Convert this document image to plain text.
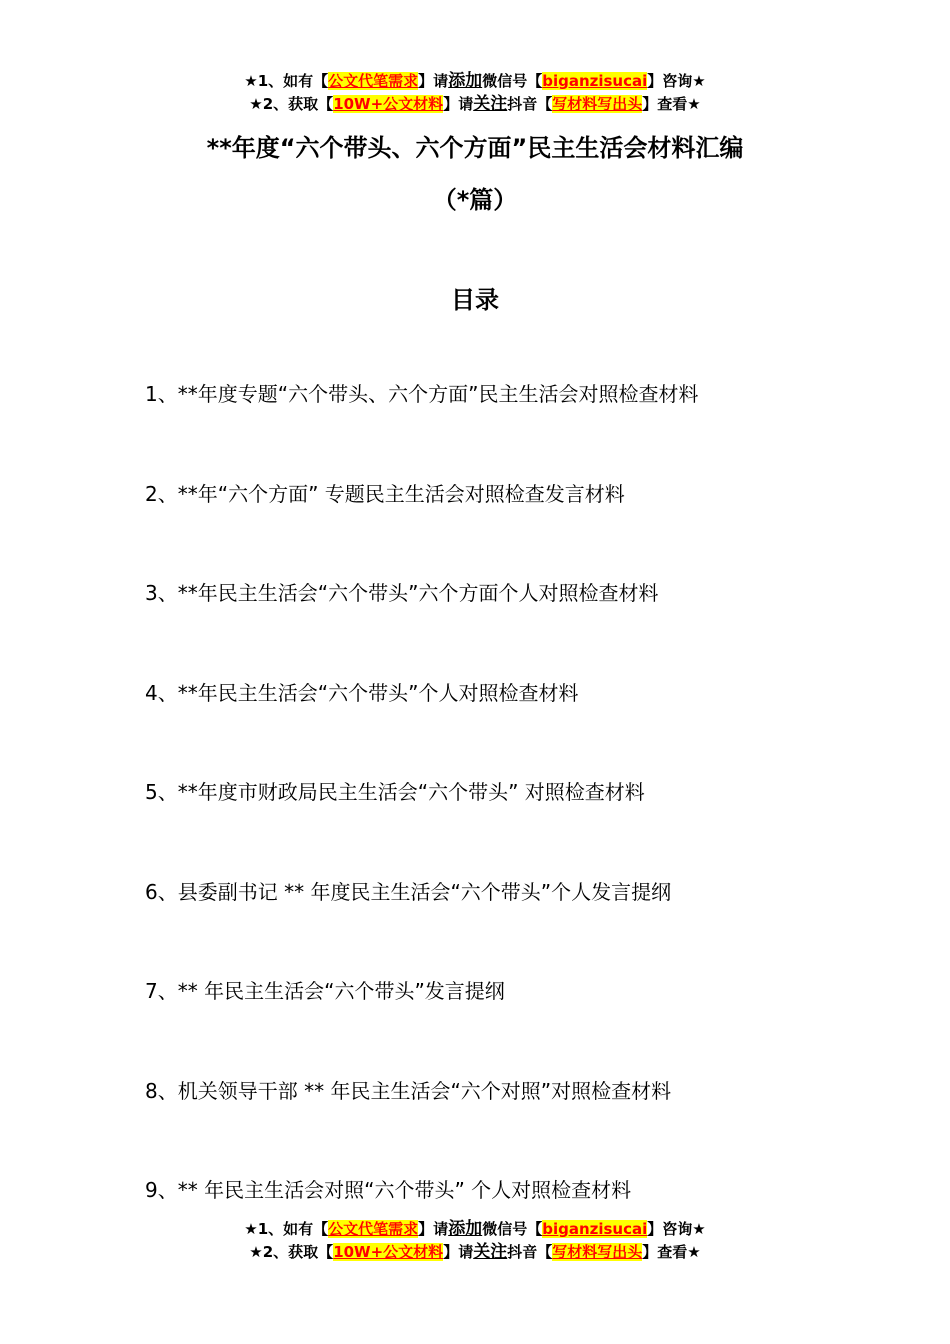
★1、如有【公文代笔需求】请添加微信号【biganzisucai】咨询★
★2、获取【10W+公文材料】请关注抖音【写材料写出头】查看★
**年度“六个带头、六个方面”民主生活会材料汇编
（*篇）
目录
1、**年度专题“六个带头、六个方面”民主生活会对照检查材料
2、**年“六个方面” 专题民主生活会对照检查发言材料
3、**年民主生活会“六个带头”六个方面个人对照检查材料
4、**年民主生活会“六个带头”个人对照检查材料
5、**年度市财政局民主生活会“六个带头” 对照检查材料
6、县委副书记 ** 年度民主生活会“六个带头”个人发言提纲
7、** 年民主生活会“六个带头”发言提纲
8、机关领导干部 ** 年民主生活会“六个对照”对照检查材料
9、** 年民主生活会对照“六个带头” 个人对照检查材料
★1、如有【公文代笔需求】请添加微信号【biganzisucai】咨询★
★2、获取【10W+公文材料】请关注抖音【写材料写出头】查看★
